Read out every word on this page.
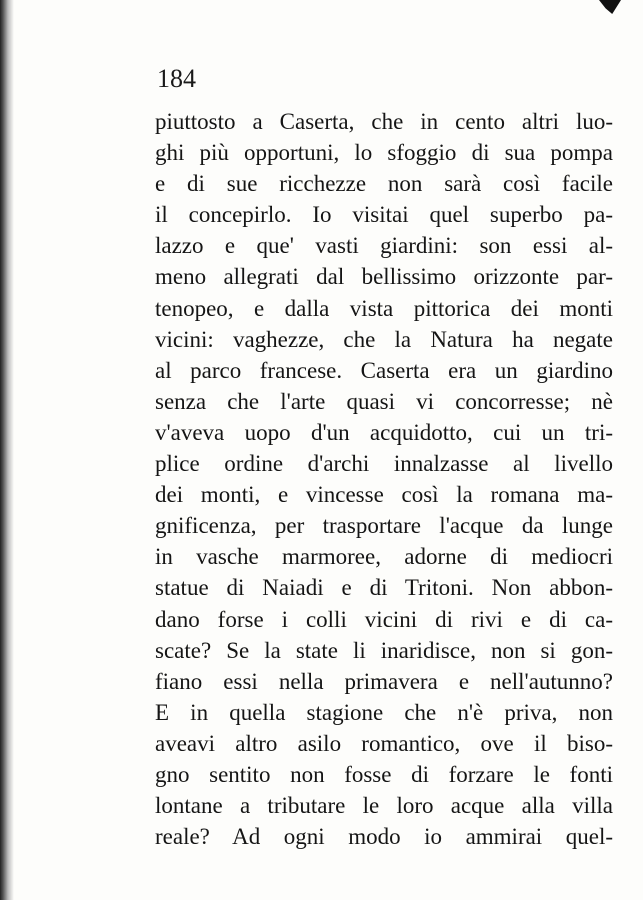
184
piuttosto a Caserta, che in cento altri luo-
ghi più opportuni, lo sfoggio di sua pompa
e di sue ricchezze non sarà così facile
il concepirlo. Io visitai quel superbo pa-
lazzo e que' vasti giardini: son essi al-
meno allegrati dal bellissimo orizzonte par-
tenopeo, e dalla vista pittorica dei monti
vicini: vaghezze, che la Natura ha negate
al parco francese. Caserta era un giardino
senza che l'arte quasi vi concorresse; nè
v'aveva uopo d'un acquidotto, cui un tri-
plice ordine d'archi innalzasse al livello
dei monti, e vincesse così la romana ma-
gnificenza, per trasportare l'acque da lunge
in vasche marmoree, adorne di mediocri
statue di Naiadi e di Tritoni. Non abbon-
dano forse i colli vicini di rivi e di ca-
scate? Se la state li inaridisce, non si gon-
fiano essi nella primavera e nell'autunno?
E in quella stagione che n'è priva, non
aveavi altro asilo romantico, ove il biso-
gno sentito non fosse di forzare le fonti
lontane a tributare le loro acque alla villa
reale? Ad ogni modo io ammirai quel-
